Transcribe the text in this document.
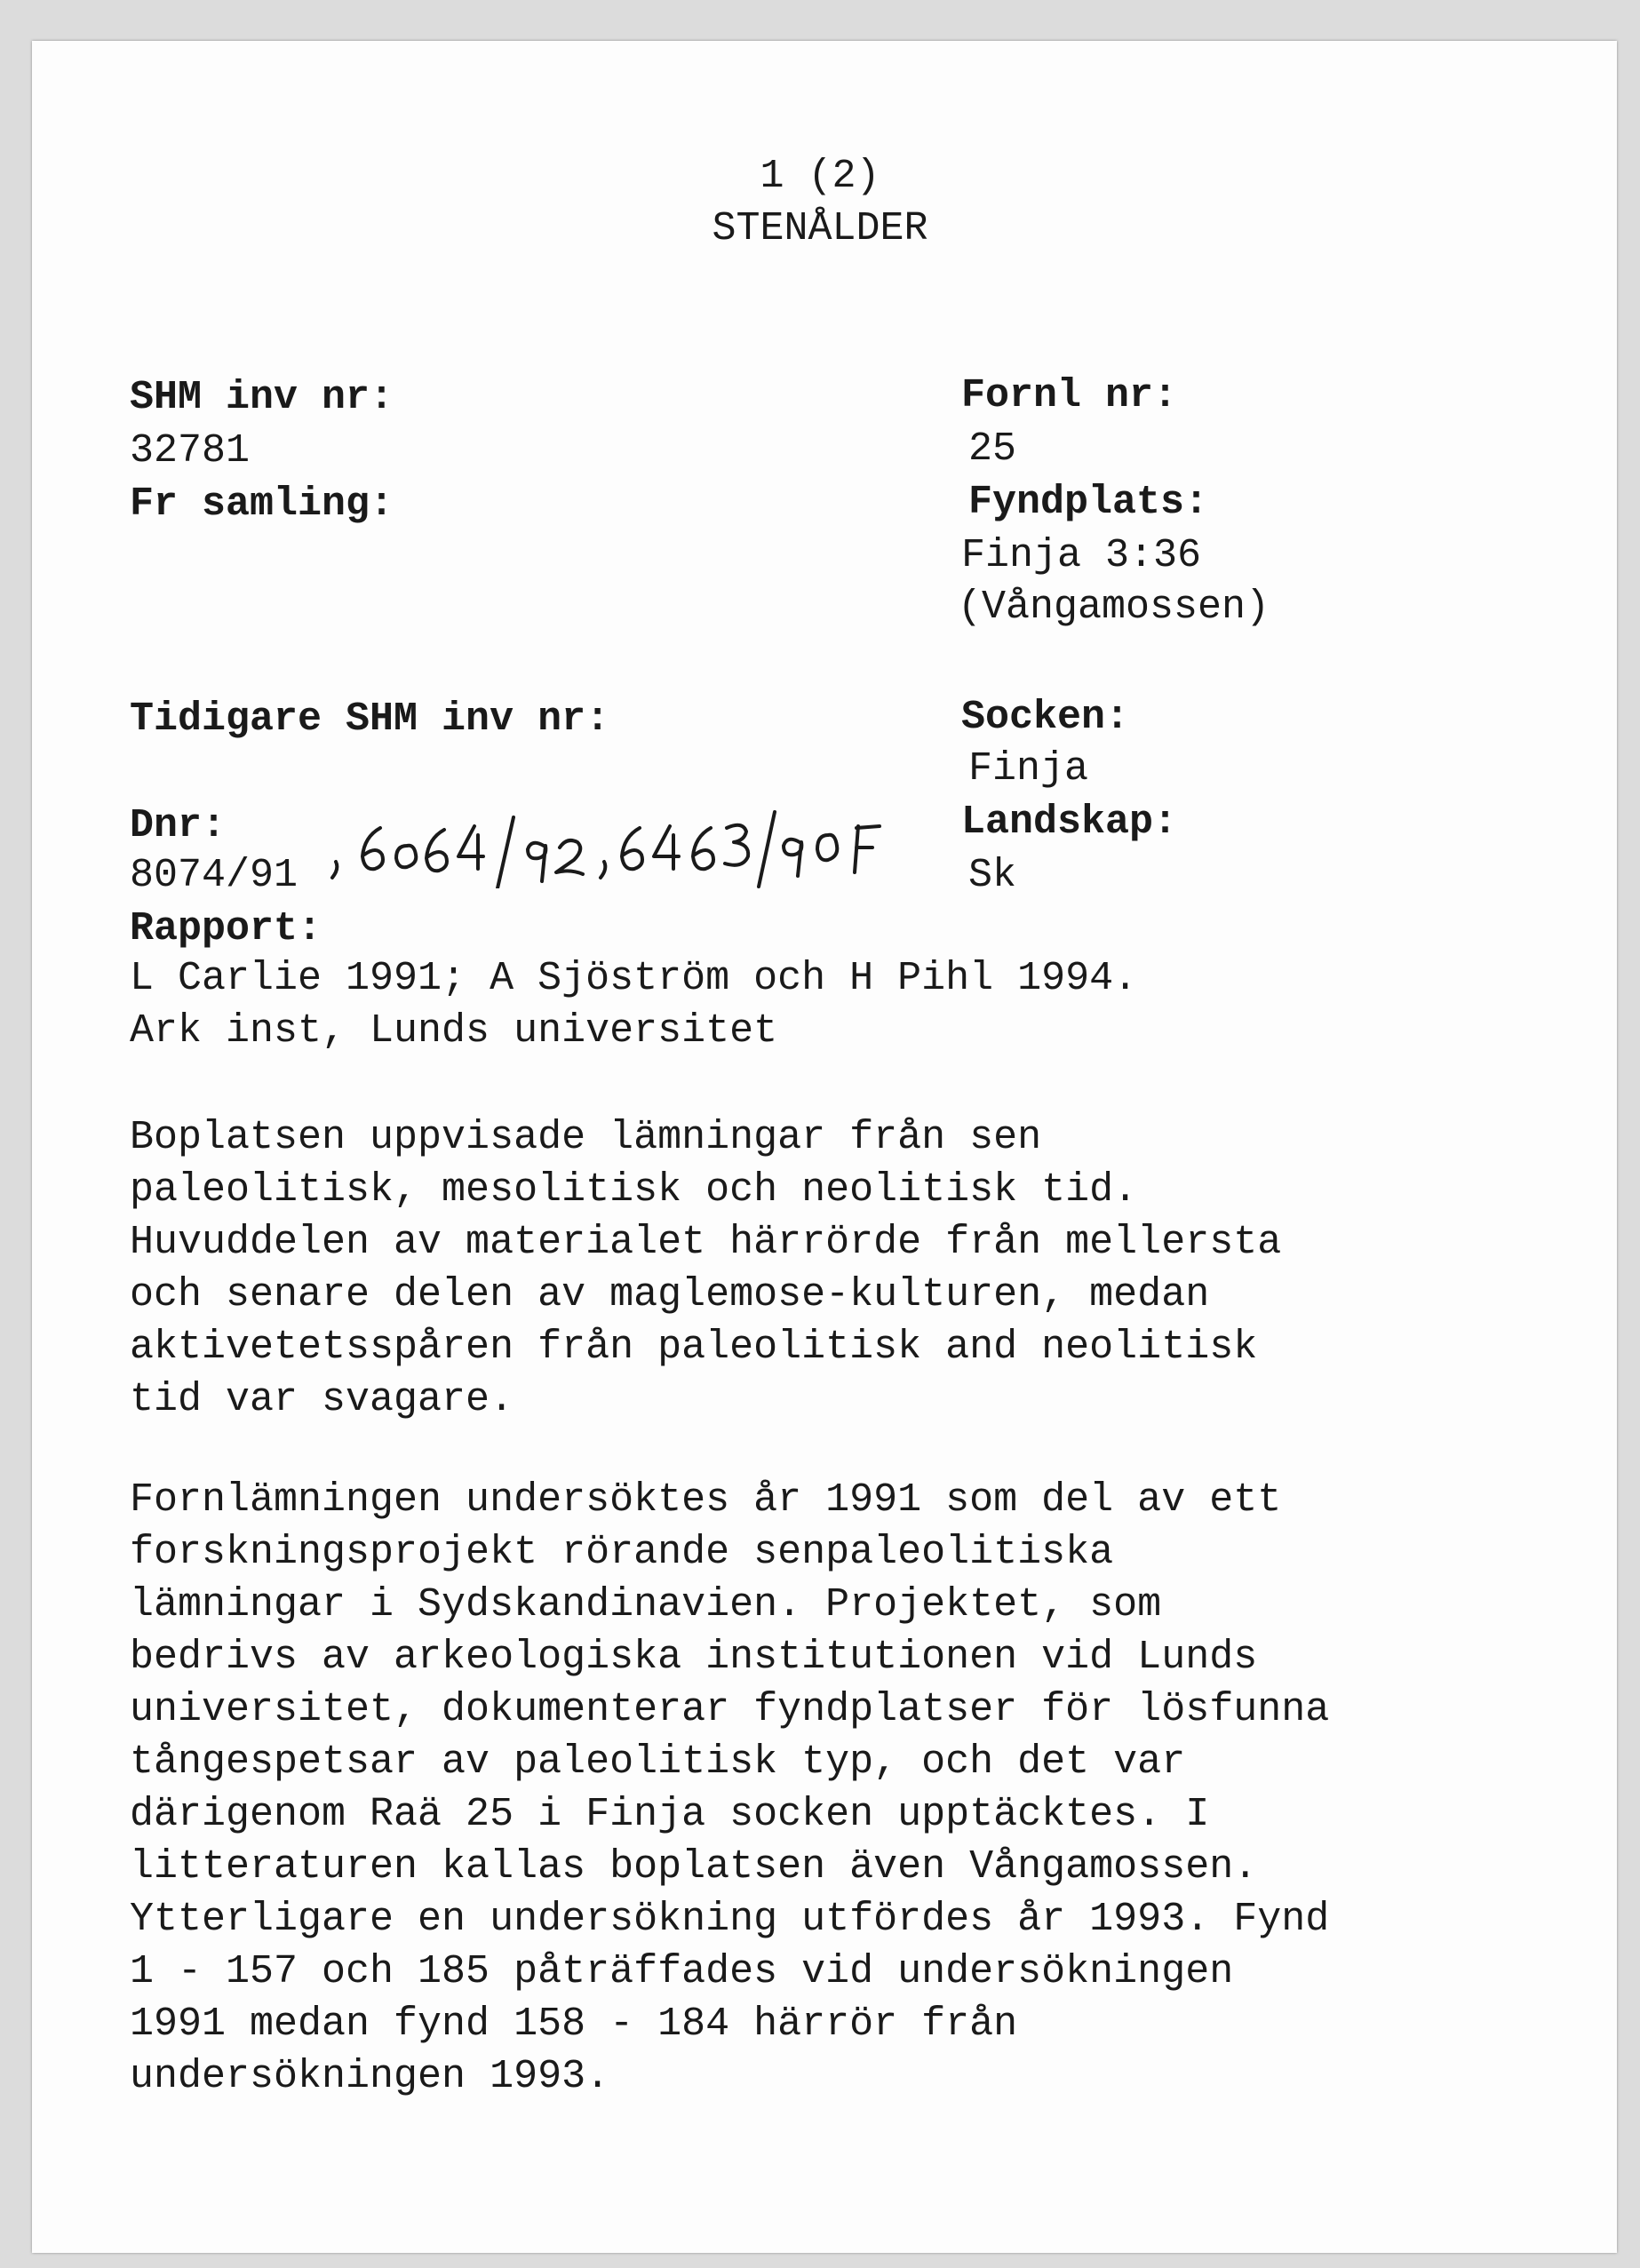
1 (2)

STENÅLDER

SHM inv nr:

32781

Fr samling:

Tidigare SHM inv nr:

Dnr:

8074/91

Fornl nr:

25

Fyndplats:

Finja 3:36

(Vångamossen)

Socken:

Finja

Landskap:

Sk

Rapport:

L Carlie 1991; A Sjöström och H Pihl 1994.
Ark inst, Lunds universitet
Boplatsen uppvisade lämningar från sen
paleolitisk, mesolitisk och neolitisk tid.
Huvuddelen av materialet härrörde från mellersta
och senare delen av maglemose-kulturen, medan
aktivetetsspåren från paleolitisk and neolitisk
tid var svagare.
Fornlämningen undersöktes år 1991 som del av ett
forskningsprojekt rörande senpaleolitiska
lämningar i Sydskandinavien. Projektet, som
bedrivs av arkeologiska institutionen vid Lunds
universitet, dokumenterar fyndplatser för lösfunna
tångespetsar av paleolitisk typ, och det var
därigenom Raä 25 i Finja socken upptäcktes. I
litteraturen kallas boplatsen även Vångamossen.
Ytterligare en undersökning utfördes år 1993. Fynd
1 - 157 och 185 påträffades vid undersökningen
1991 medan fynd 158 - 184 härrör från
undersökningen 1993.
